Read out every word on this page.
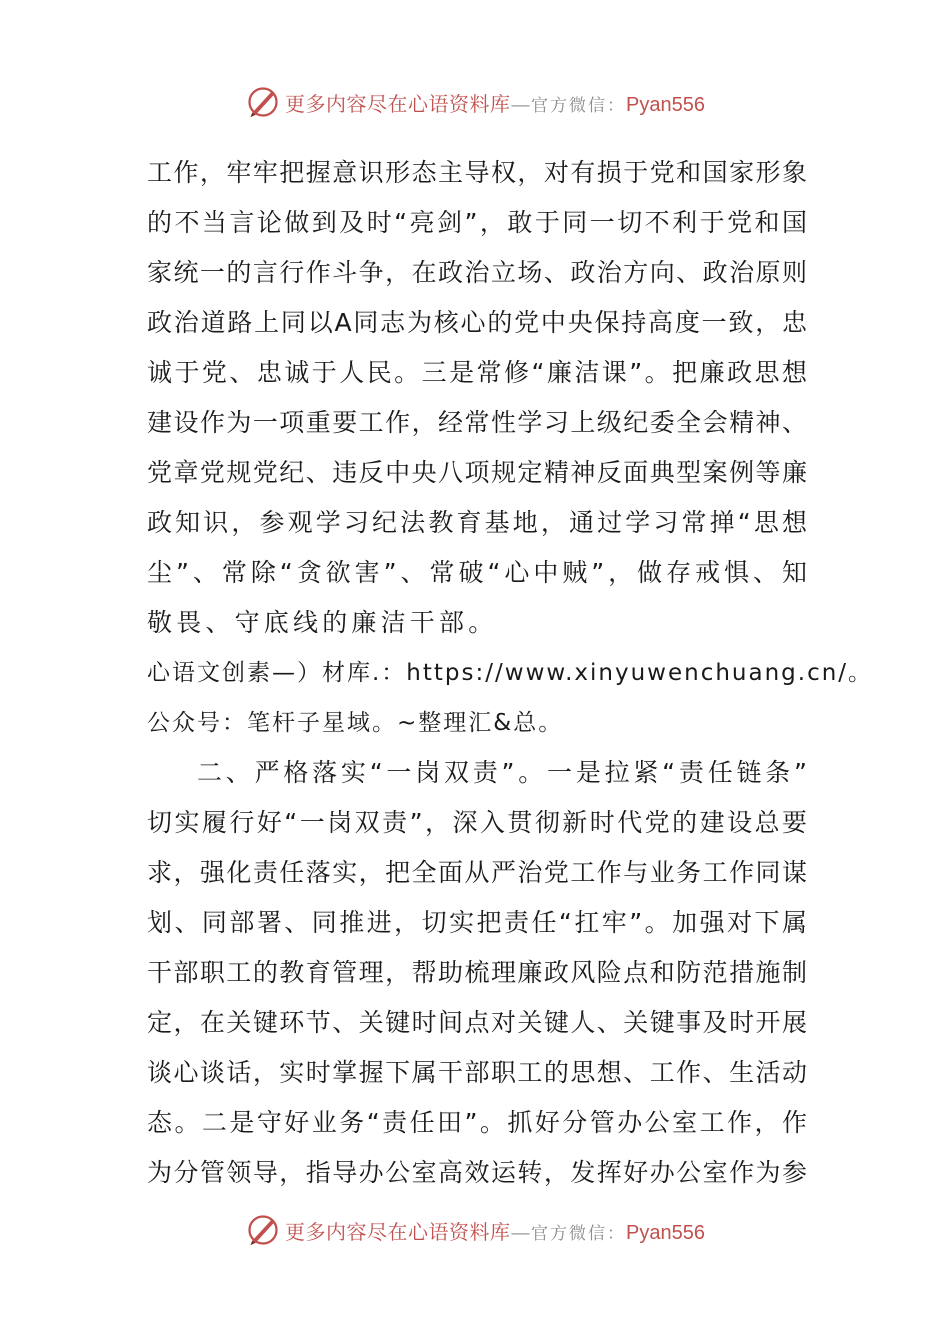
更多内容尽在心语资料库—官方微信：Pyan556
工作，牢牢把握意识形态主导权，对有损于党和国家形象
的不当言论做到及时“亮剑”，敢于同一切不利于党和国
家统一的言行作斗争，在政治立场、政治方向、政治原则
政治道路上同以A同志为核心的党中央保持高度一致，忠
诚于党、忠诚于人民。三是常修“廉洁课”。把廉政思想
建设作为一项重要工作，经常性学习上级纪委全会精神、
党章党规党纪、违反中央八项规定精神反面典型案例等廉
政知识，参观学习纪法教育基地，通过学习常掸“思想
尘”、常除“贪欲害”、常破“心中贼”，做存戒惧、知
敬畏、守底线的廉洁干部。
心语文创素—）材库.：https://www.xinyuwenchuang.cn/。
公众号：笔杆子星域。~整理汇&总。
二、严格落实“一岗双责”。一是拉紧“责任链条”
切实履行好“一岗双责”，深入贯彻新时代党的建设总要
求，强化责任落实，把全面从严治党工作与业务工作同谋
划、同部署、同推进，切实把责任“扛牢”。加强对下属
干部职工的教育管理，帮助梳理廉政风险点和防范措施制
定，在关键环节、关键时间点对关键人、关键事及时开展
谈心谈话，实时掌握下属干部职工的思想、工作、生活动
态。二是守好业务“责任田”。抓好分管办公室工作，作
为分管领导，指导办公室高效运转，发挥好办公室作为参
更多内容尽在心语资料库—官方微信：Pyan556
